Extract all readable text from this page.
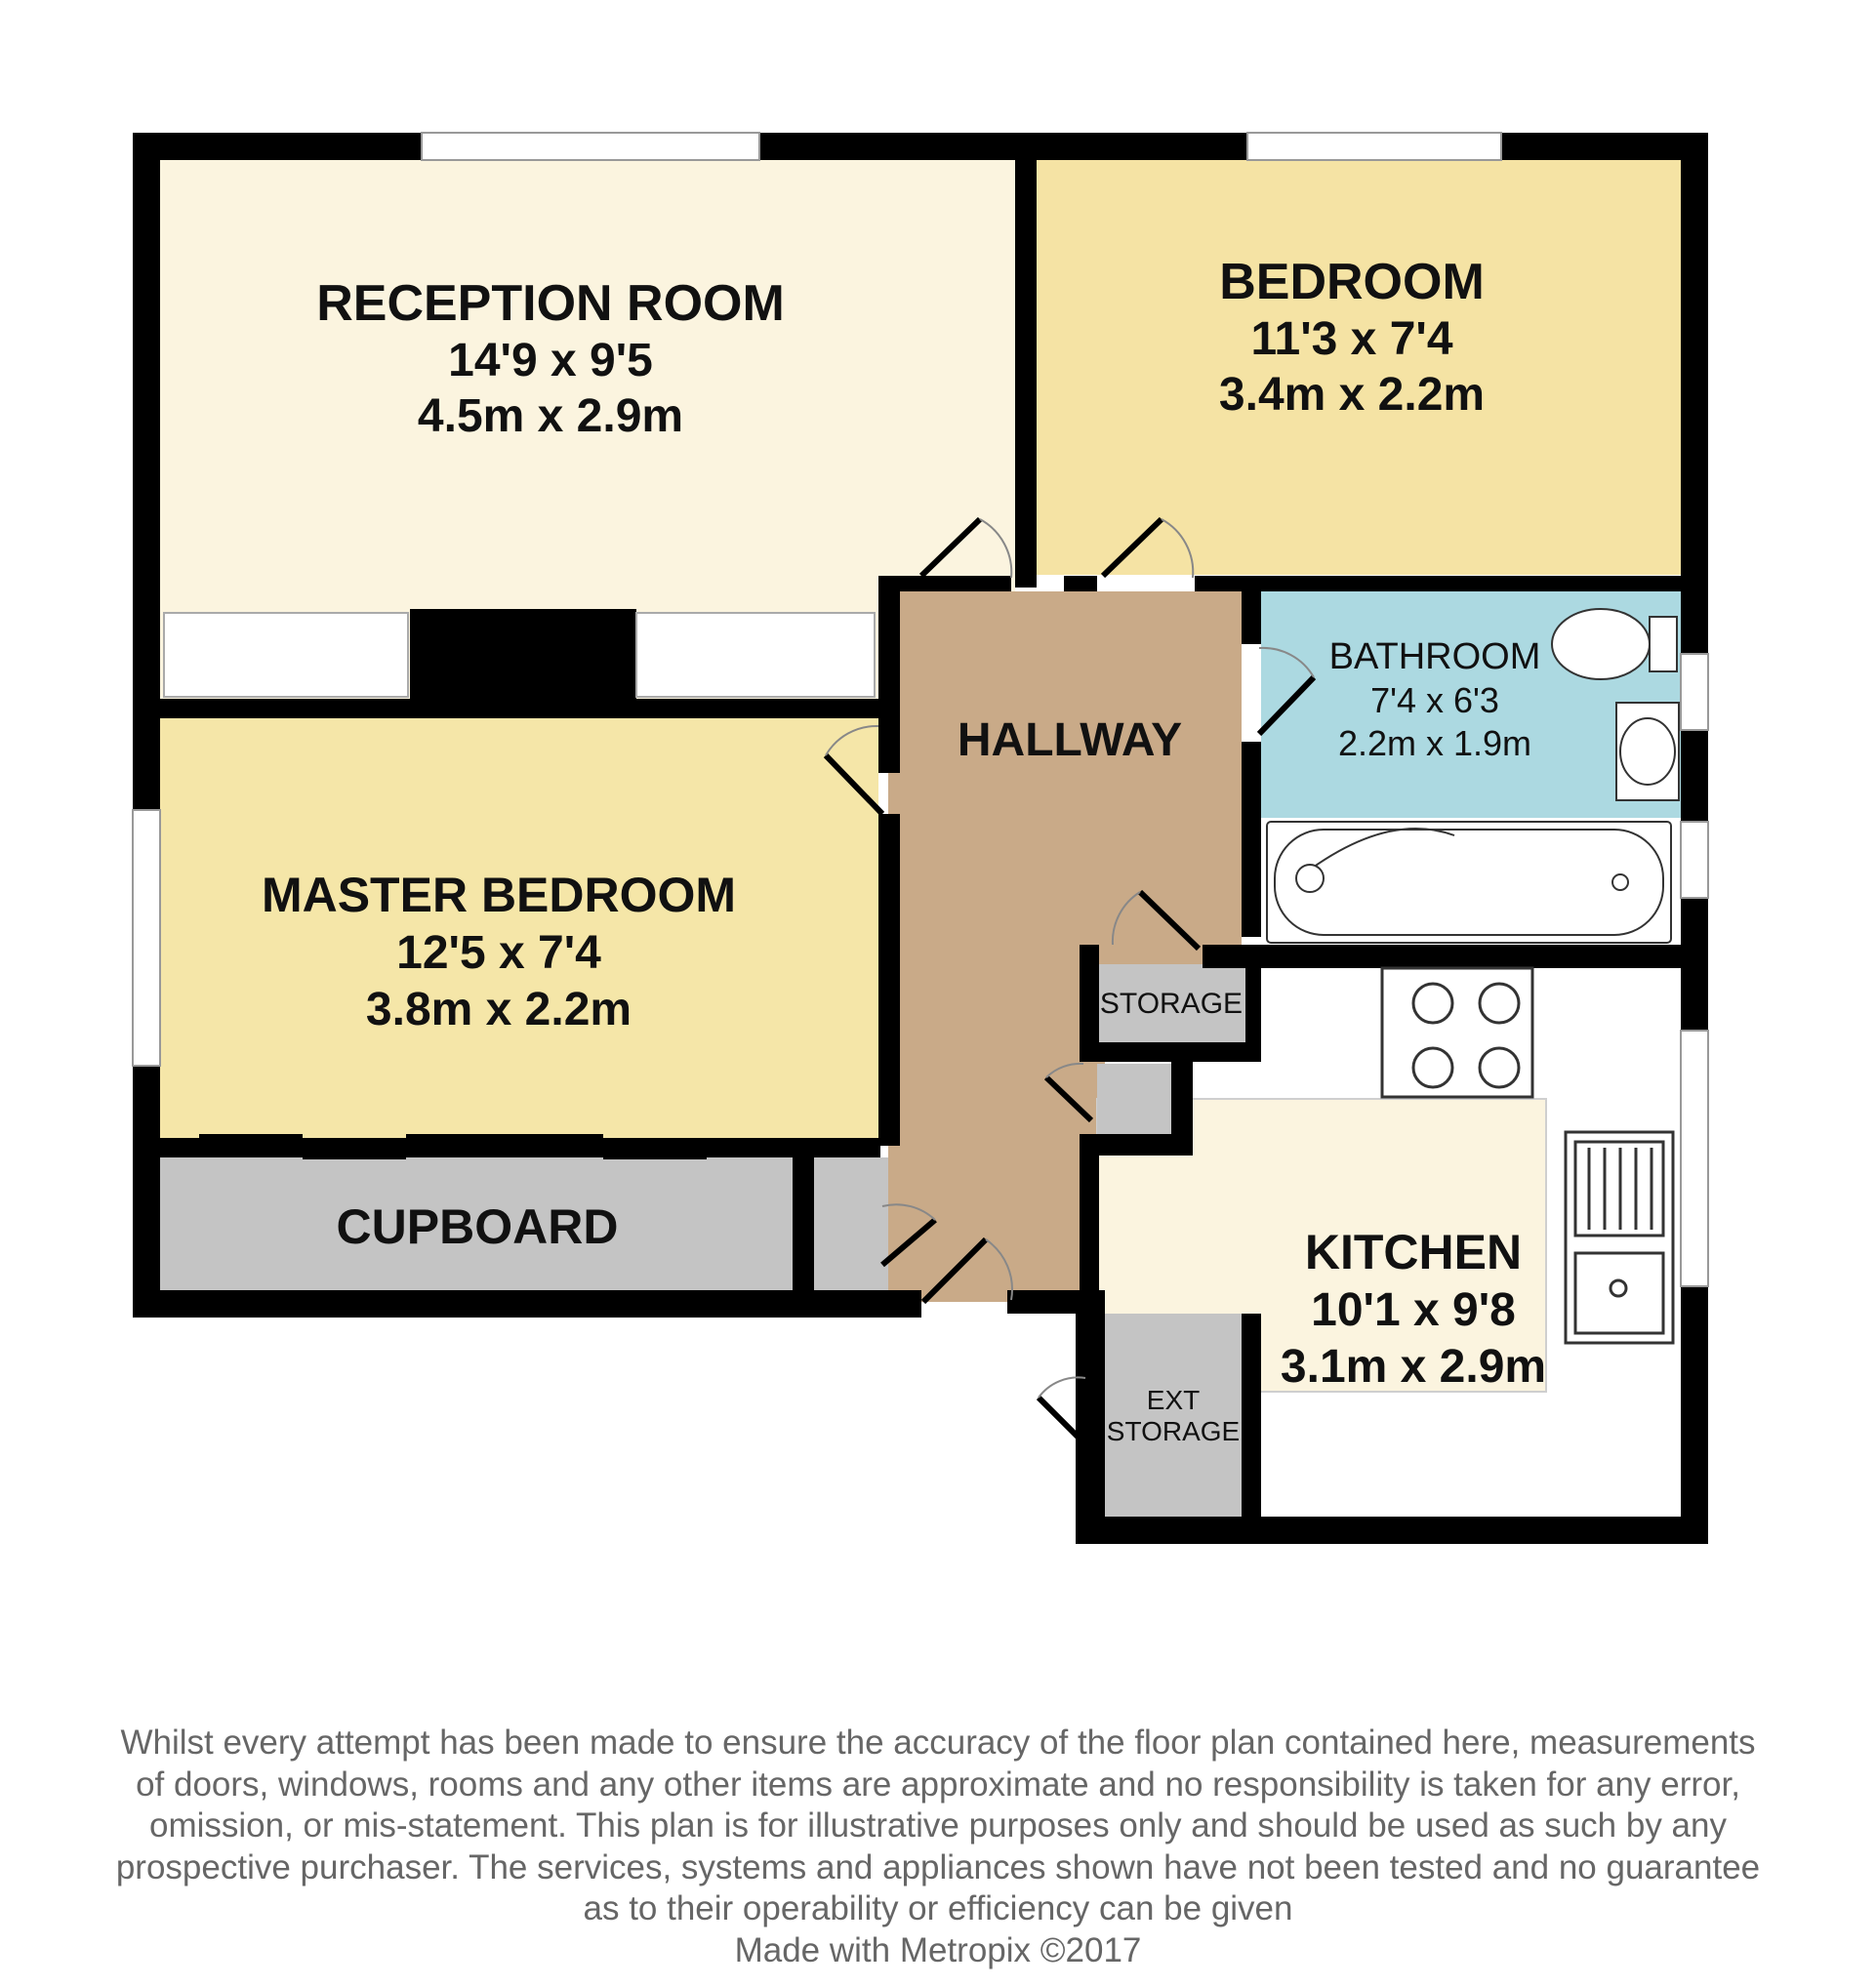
RECEPTION ROOM
14'9 x 9'5
4.5m x 2.9m
BEDROOM
11'3 x 7'4
3.4m x 2.2m
BATHROOM
7'4 x 6'3
2.2m x 1.9m
HALLWAY
MASTER BEDROOM
12'5 x 7'4
3.8m x 2.2m	STORAGE
CUPBOARD	KITCHEN
10'1 x 9'8
3.1m x 2.9m
EXT
STORAGE
Whilst every attempt has been made to ensure the accuracy of the floor plan contained here, measurements
of doors, windows, rooms and any other items are approximate and no responsibility is taken for any error,
omission, or mis-statement. This plan is for illustrative purposes only and should be used as such by any
prospective purchaser. The services, systems and appliances shown have not been tested and no guarantee
as to their operability or efficiency can be given
Made with Metropix ©2017
